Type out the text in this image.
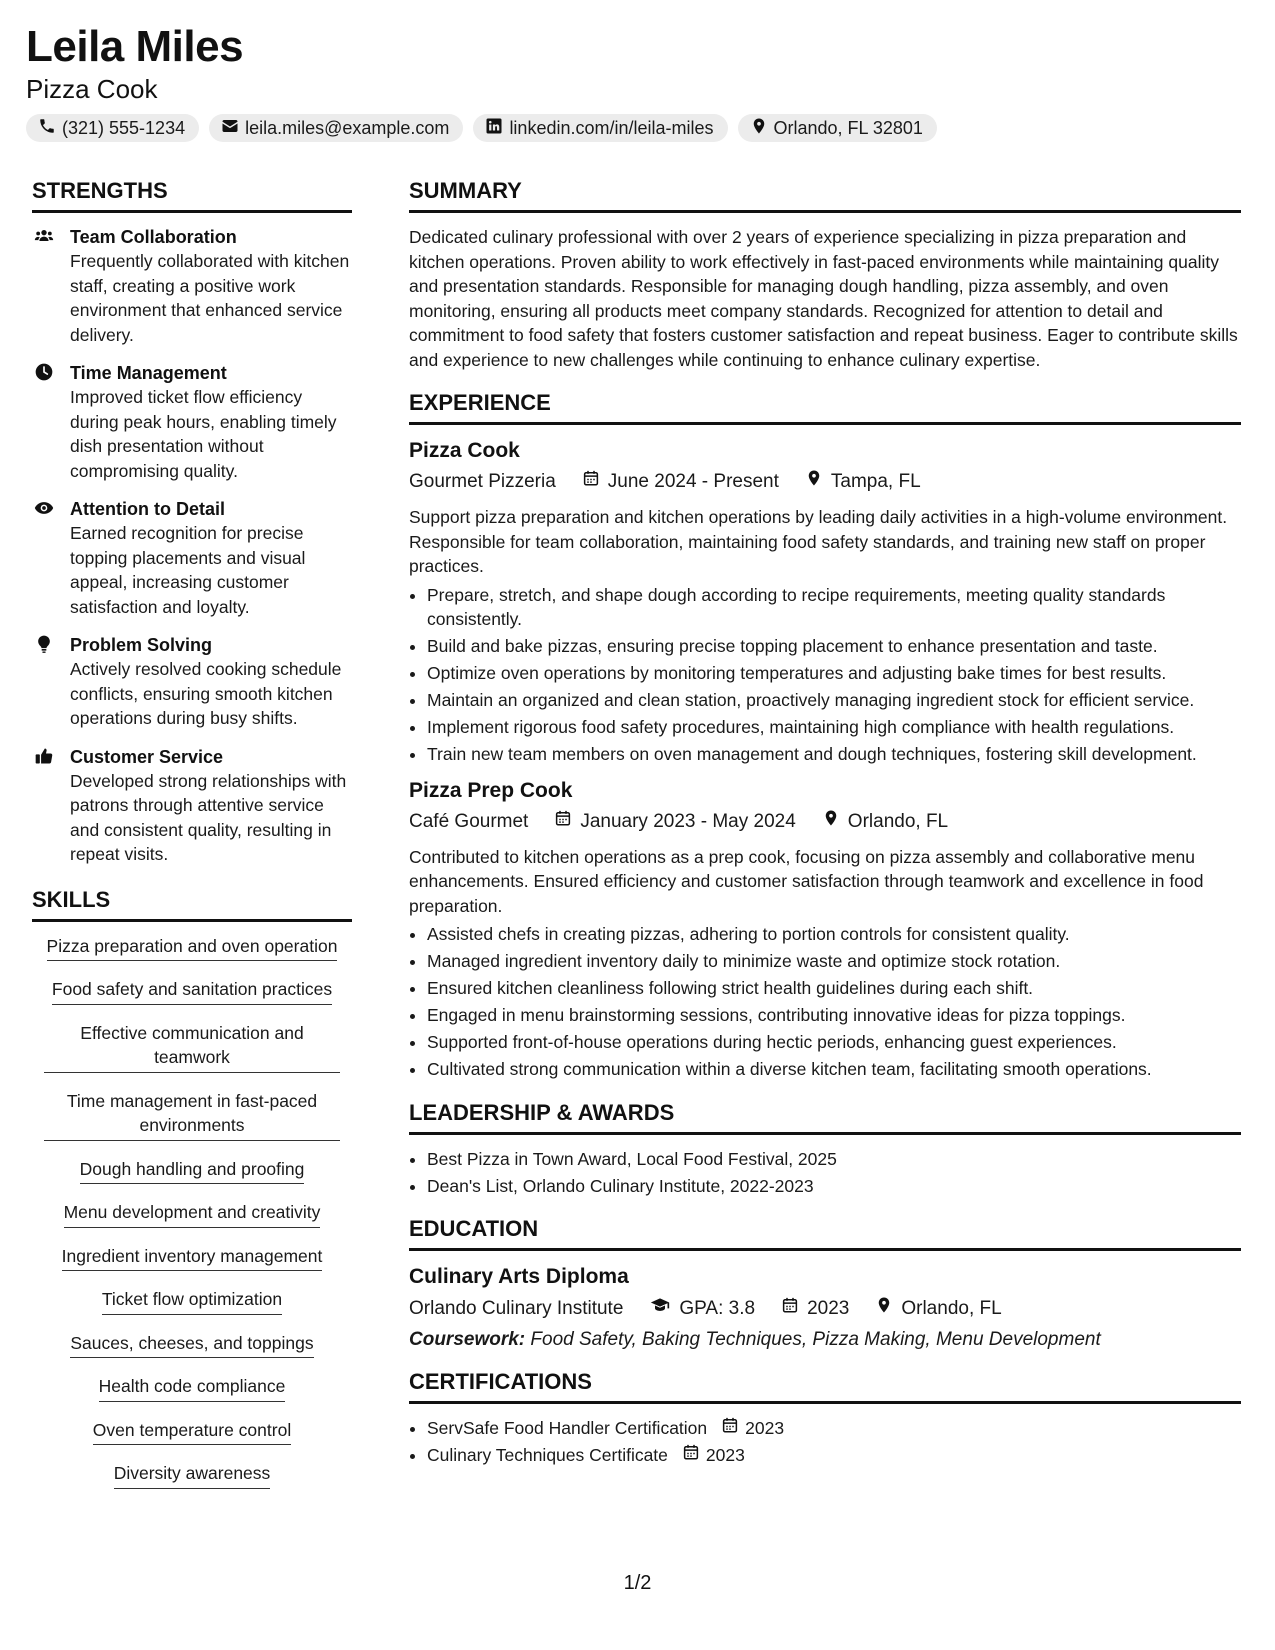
Leila Miles
Pizza Cook
(321) 555-1234	leila.miles@example.com	linkedin.com/in/leila-miles	Orlando, FL 32801
STRENGTHS
Team Collaboration
Frequently collaborated with kitchen staff, creating a positive work environment that enhanced service delivery.
Time Management
Improved ticket flow efficiency during peak hours, enabling timely dish presentation without compromising quality.
Attention to Detail
Earned recognition for precise topping placements and visual appeal, increasing customer satisfaction and loyalty.
Problem Solving
Actively resolved cooking schedule conflicts, ensuring smooth kitchen operations during busy shifts.
Customer Service
Developed strong relationships with patrons through attentive service and consistent quality, resulting in repeat visits.
SKILLS
Pizza preparation and oven operation
Food safety and sanitation practices
Effective communication and teamwork
Time management in fast-paced environments
Dough handling and proofing
Menu development and creativity
Ingredient inventory management
Ticket flow optimization
Sauces, cheeses, and toppings
Health code compliance
Oven temperature control
Diversity awareness
SUMMARY
Dedicated culinary professional with over 2 years of experience specializing in pizza preparation and kitchen operations. Proven ability to work effectively in fast-paced environments while maintaining quality and presentation standards. Responsible for managing dough handling, pizza assembly, and oven monitoring, ensuring all products meet company standards. Recognized for attention to detail and commitment to food safety that fosters customer satisfaction and repeat business. Eager to contribute skills and experience to new challenges while continuing to enhance culinary expertise.
EXPERIENCE
Pizza Cook
Gourmet Pizzeria	June 2024 - Present	Tampa, FL
Support pizza preparation and kitchen operations by leading daily activities in a high-volume environment. Responsible for team collaboration, maintaining food safety standards, and training new staff on proper practices.
• Prepare, stretch, and shape dough according to recipe requirements, meeting quality standards consistently.
• Build and bake pizzas, ensuring precise topping placement to enhance presentation and taste.
• Optimize oven operations by monitoring temperatures and adjusting bake times for best results.
• Maintain an organized and clean station, proactively managing ingredient stock for efficient service.
• Implement rigorous food safety procedures, maintaining high compliance with health regulations.
• Train new team members on oven management and dough techniques, fostering skill development.
Pizza Prep Cook
Café Gourmet	January 2023 - May 2024	Orlando, FL
Contributed to kitchen operations as a prep cook, focusing on pizza assembly and collaborative menu enhancements. Ensured efficiency and customer satisfaction through teamwork and excellence in food preparation.
• Assisted chefs in creating pizzas, adhering to portion controls for consistent quality.
• Managed ingredient inventory daily to minimize waste and optimize stock rotation.
• Ensured kitchen cleanliness following strict health guidelines during each shift.
• Engaged in menu brainstorming sessions, contributing innovative ideas for pizza toppings.
• Supported front-of-house operations during hectic periods, enhancing guest experiences.
• Cultivated strong communication within a diverse kitchen team, facilitating smooth operations.
LEADERSHIP & AWARDS
• Best Pizza in Town Award, Local Food Festival, 2025
• Dean's List, Orlando Culinary Institute, 2022-2023
EDUCATION
Culinary Arts Diploma
Orlando Culinary Institute	GPA: 3.8	2023	Orlando, FL
Coursework: Food Safety, Baking Techniques, Pizza Making, Menu Development
CERTIFICATIONS
• ServSafe Food Handler Certification 2023
• Culinary Techniques Certificate 2023
1/2
